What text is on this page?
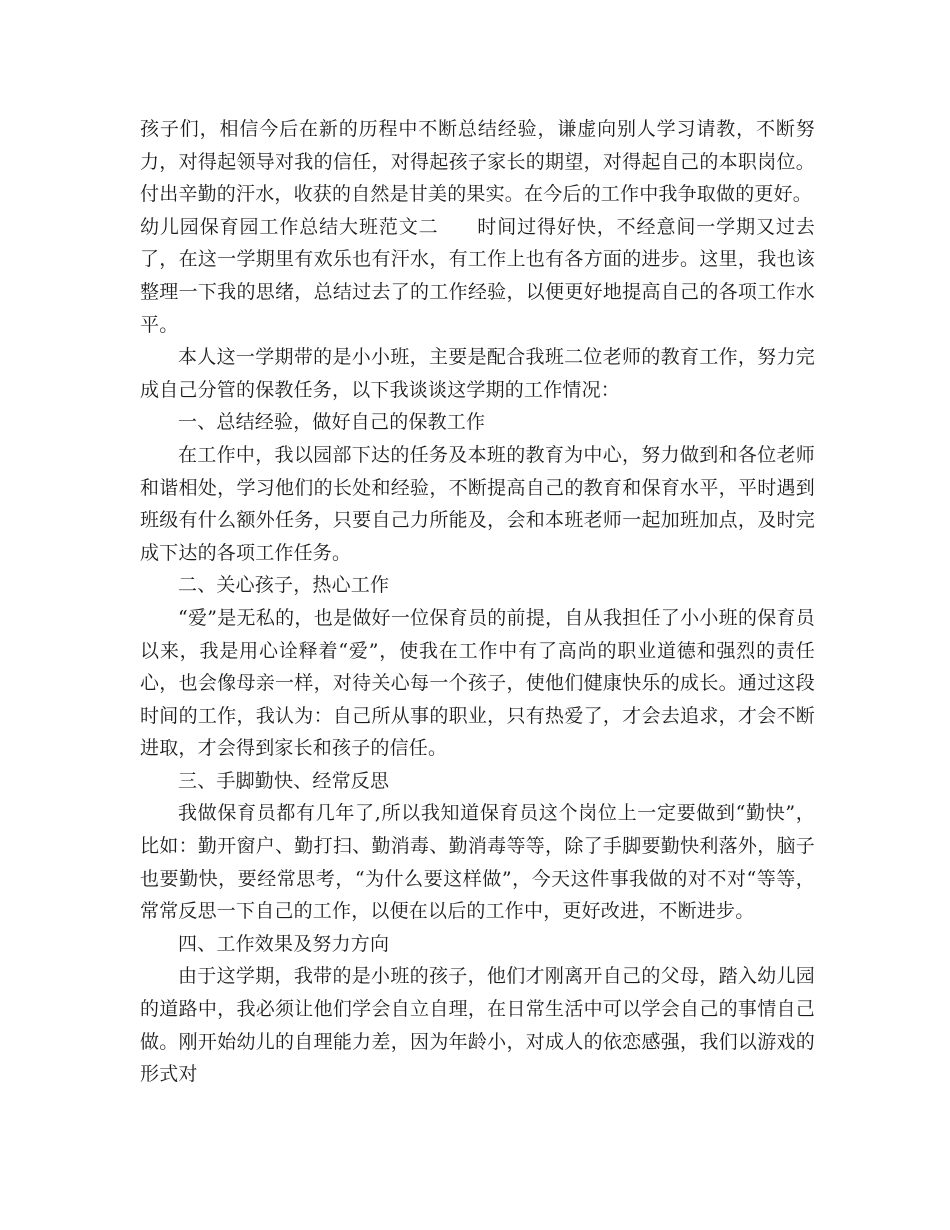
孩子们，相信今后在新的历程中不断总结经验，谦虚向别人学习请教，不断努力，对得起领导对我的信任，对得起孩子家长的期望，对得起自己的本职岗位。付出辛勤的汗水，收获的自然是甘美的果实。在今后的工作中我争取做的更好。

幼儿园保育园工作总结大班范文二 时间过得好快，不经意间一学期又过去了，在这一学期里有欢乐也有汗水，有工作上也有各方面的进步。这里，我也该整理一下我的思绪，总结过去了的工作经验，以便更好地提高自己的各项工作水平。

本人这一学期带的是小小班，主要是配合我班二位老师的教育工作，努力完成自己分管的保教任务，以下我谈谈这学期的工作情况：

一、总结经验，做好自己的保教工作

在工作中，我以园部下达的任务及本班的教育为中心，努力做到和各位老师和谐相处，学习他们的长处和经验，不断提高自己的教育和保育水平，平时遇到班级有什么额外任务，只要自己力所能及，会和本班老师一起加班加点，及时完成下达的各项工作任务。

二、关心孩子，热心工作

“爱”是无私的，也是做好一位保育员的前提，自从我担任了小小班的保育员以来，我是用心诠释着“爱”，使我在工作中有了高尚的职业道德和强烈的责任心，也会像母亲一样，对待关心每一个孩子，使他们健康快乐的成长。通过这段时间的工作，我认为：自己所从事的职业，只有热爱了，才会去追求，才会不断进取，才会得到家长和孩子的信任。

三、手脚勤快、经常反思

我做保育员都有几年了,所以我知道保育员这个岗位上一定要做到“勤快”，比如：勤开窗户、勤打扫、勤消毒、勤消毒等等，除了手脚要勤快利落外，脑子也要勤快，要经常思考，“为什么要这样做”，今天这件事我做的对不对“等等，常常反思一下自己的工作，以便在以后的工作中，更好改进，不断进步。

四、工作效果及努力方向

由于这学期，我带的是小班的孩子，他们才刚离开自己的父母，踏入幼儿园的道路中，我必须让他们学会自立自理，在日常生活中可以学会自己的事情自己做。刚开始幼儿的自理能力差，因为年龄小，对成人的依恋感强，我们以游戏的形式对
